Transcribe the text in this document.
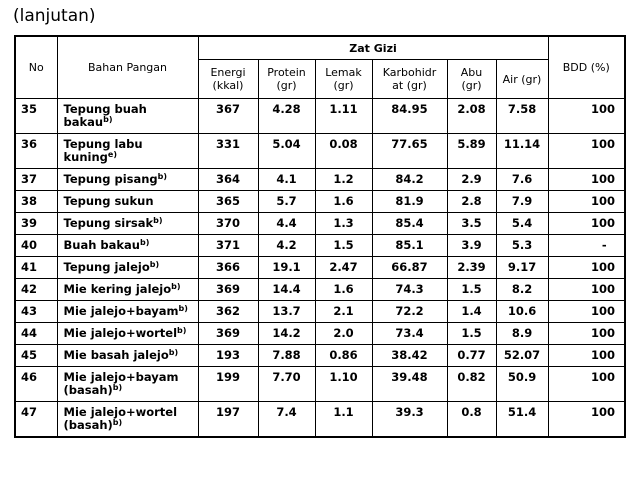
(lanjutan)
No	Bahan Pangan	Zat Gizi						BDD (%)
		Energi (kkal)	Protein (gr)	Lemak (gr)	Karbohidr at (gr)	Abu (gr)	Air (gr)	
35	Tepung buah bakau$^{b)}$	367	4.28	1.11	84.95	2.08	7.58	100
36	Tepung labu kuning$^{e)}$	331	5.04	0.08	77.65	5.89	11.14	100
37	Tepung pisang$^{b)}$	364	4.1	1.2	84.2	2.9	7.6	100
38	Tepung sukun	365	5.7	1.6	81.9	2.8	7.9	100
39	Tepung sirsak$^{b)}$	370	4.4	1.3	85.4	3.5	5.4	100
40	Buah bakau$^{b)}$	371	4.2	1.5	85.1	3.9	5.3	-
41	Tepung jalejo$^{b)}$	366	19.1	2.47	66.87	2.39	9.17	100
42	Mie kering jalejo$^{b)}$	369	14.4	1.6	74.3	1.5	8.2	100
43	Mie jalejo+bayam$^{b)}$	362	13.7	2.1	72.2	1.4	10.6	100
44	Mie jalejo+wortel$^{b)}$	369	14.2	2.0	73.4	1.5	8.9	100
45	Mie basah jalejo$^{b)}$	193	7.88	0.86	38.42	0.77	52.07	100
46	Mie jalejo+bayam (basah)$^{b)}$	199	7.70	1.10	39.48	0.82	50.9	100
47	Mie jalejo+wortel (basah)$^{b)}$	197	7.4	1.1	39.3	0.8	51.4	100
